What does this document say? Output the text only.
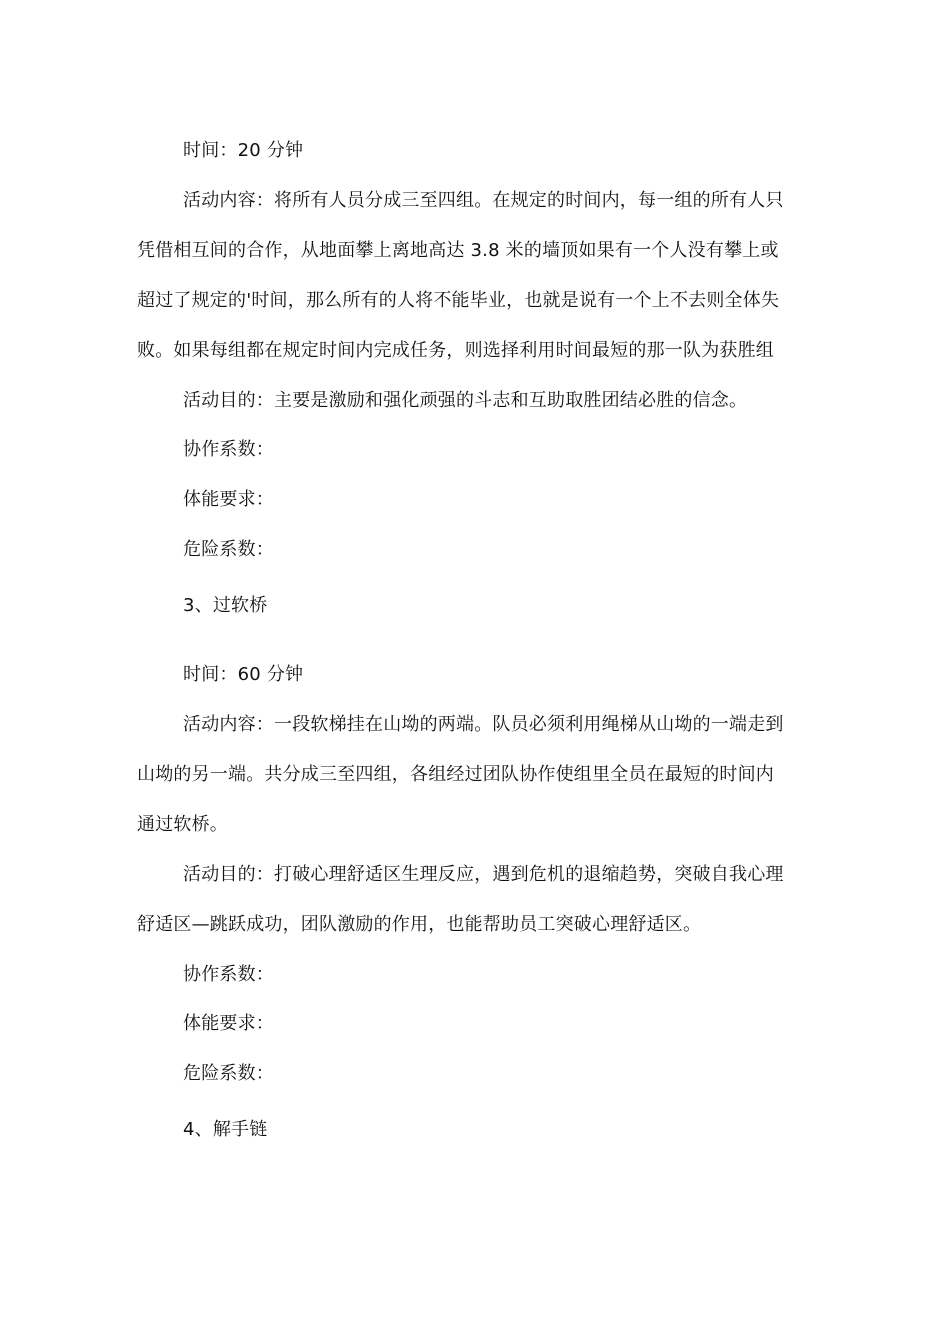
时间：20 分钟
活动内容：将所有人员分成三至四组。在规定的时间内，每一组的所有人只
凭借相互间的合作，从地面攀上离地高达 3.8 米的墙顶如果有一个人没有攀上或
超过了规定的'时间，那么所有的人将不能毕业，也就是说有一个上不去则全体失
败。如果每组都在规定时间内完成任务，则选择利用时间最短的那一队为获胜组
活动目的：主要是激励和强化顽强的斗志和互助取胜团结必胜的信念。
协作系数：
体能要求：
危险系数：
3、过软桥
时间：60 分钟
活动内容：一段软梯挂在山坳的两端。队员必须利用绳梯从山坳的一端走到
山坳的另一端。共分成三至四组，各组经过团队协作使组里全员在最短的时间内
通过软桥。
活动目的：打破心理舒适区生理反应，遇到危机的退缩趋势，突破自我心理
舒适区—跳跃成功，团队激励的作用，也能帮助员工突破心理舒适区。
协作系数：
体能要求：
危险系数：
4、解手链
